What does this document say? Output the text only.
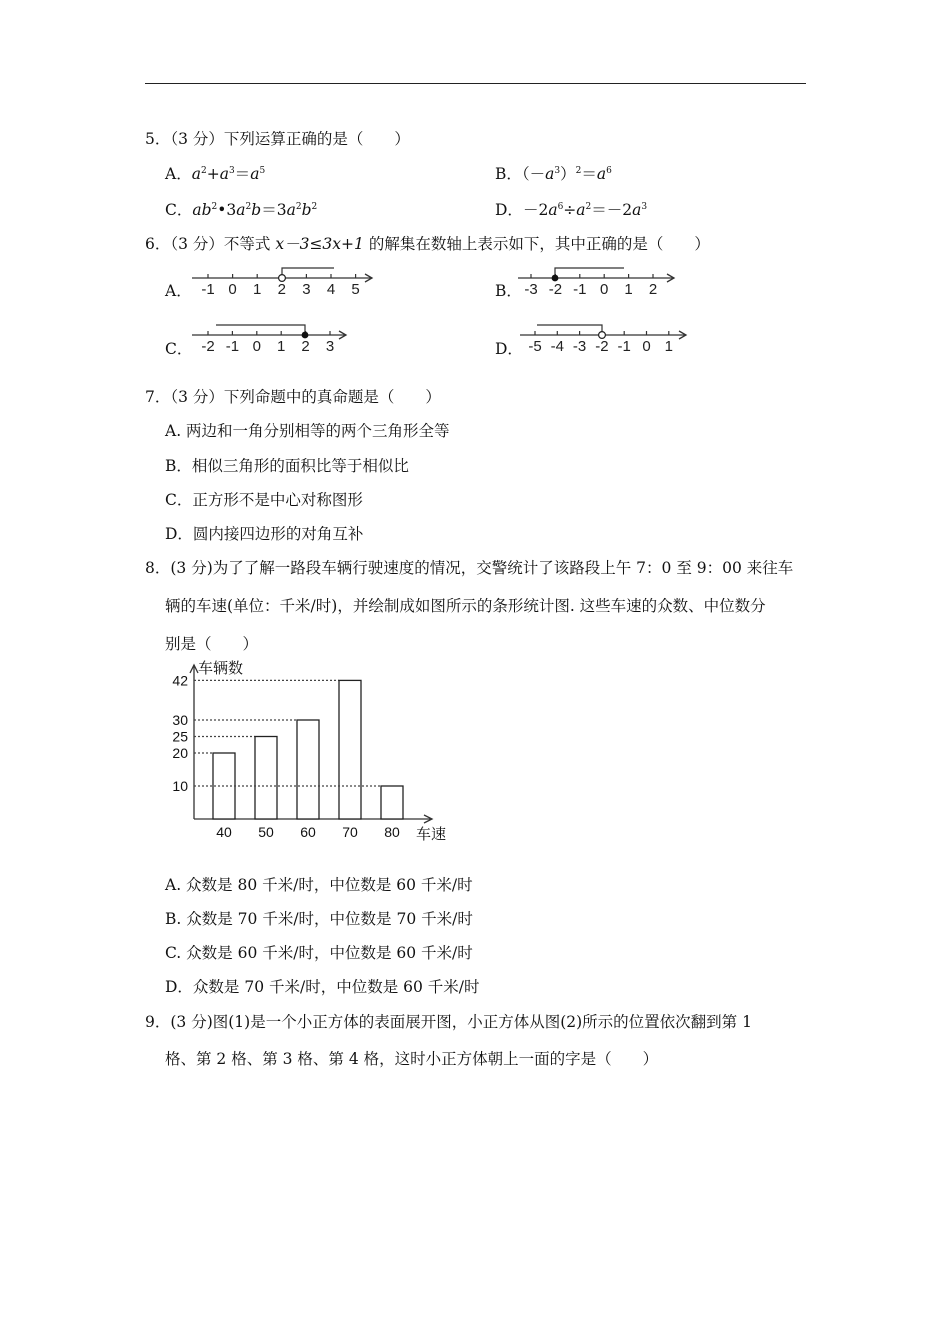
5．（3 分）下列运算正确的是（　　）
A．$a^2+a^3=a^5$	B．$(-a^3)^2=a^6$
C．$ab^2•3a^2b=3a^2b^2$	D．$-2a^6\div a^2=-2a^3$
6．（3 分）不等式 x－3≤3x+1 的解集在数轴上表示如下，其中正确的是（　　）
A． -1 0 1 2 3 4 5	B． -3 -2 -1 0 1 2
C． -2 -1 0 1 2 3	D． -5 -4 -3 -2 -1 0 1
7．（3 分）下列命题中的真命题是（　　）
A. 两边和一角分别相等的两个三角形全等
B．相似三角形的面积比等于相似比
C．正方形不是中心对称图形
D．圆内接四边形的对角互补
8．(3 分)为了了解一路段车辆行驶速度的情况，交警统计了该路段上午 7：0 至 9：00 来往车
辆的车速(单位：千米/时)，并绘制成如图所示的条形统计图. 这些车速的众数、中位数分
别是（　　）
车辆数
车速
10
20
25
30
42
40 50 60 70 80
A. 众数是 80 千米/时，中位数是 60 千米/时
B. 众数是 70 千米/时，中位数是 70 千米/时
C. 众数是 60 千米/时，中位数是 60 千米/时
D．众数是 70 千米/时，中位数是 60 千米/时
9．(3 分)图(1)是一个小正方体的表面展开图，小正方体从图(2)所示的位置依次翻到第 1
格、第 2 格、第 3 格、第 4 格，这时小正方体朝上一面的字是（　　）
